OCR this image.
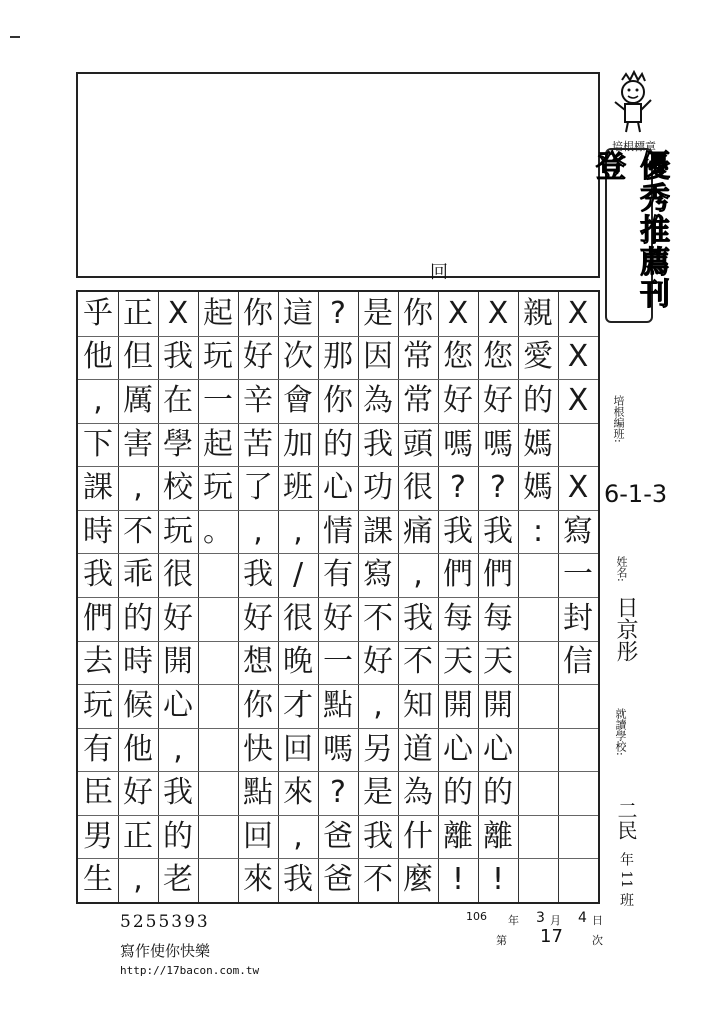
培根標章
優秀推薦刊登
回
X
X
X
X
寫
一
封
信
親
愛
的
媽
媽
:
X
您
好
嗎
?
我
們
每
天
開
心
的
離
!
X
您
好
嗎
?
我
們
每
天
開
心
的
離
!
你
常
常
頭
很
痛
,
我
不
知
道
為
什
麼
是
因
為
我
功
課
寫
不
好
,
另
是
我
不
?
那
你
的
心
情
有
好
一
點
嗎
?
爸
爸
這
次
會
加
班
,
/
很
晚
才
回
來
,
我
你
好
辛
苦
了
,
我
好
想
你
快
點
回
來
起
玩
一
起
玩
。
X
我
在
學
校
玩
很
好
開
心
,
我
的
老
正
但
厲
害
,
不
乖
的
時
候
他
好
正
,
乎
他
,
下
課
時
我
們
去
玩
有
臣
男
生
培根編班:
6-1-3
姓名:
日京彤
就讀學校:
二民
年 11 班
5255393
寫作使你快樂
http://17bacon.com.tw
106 年 3 月 4 日
第 17	次
